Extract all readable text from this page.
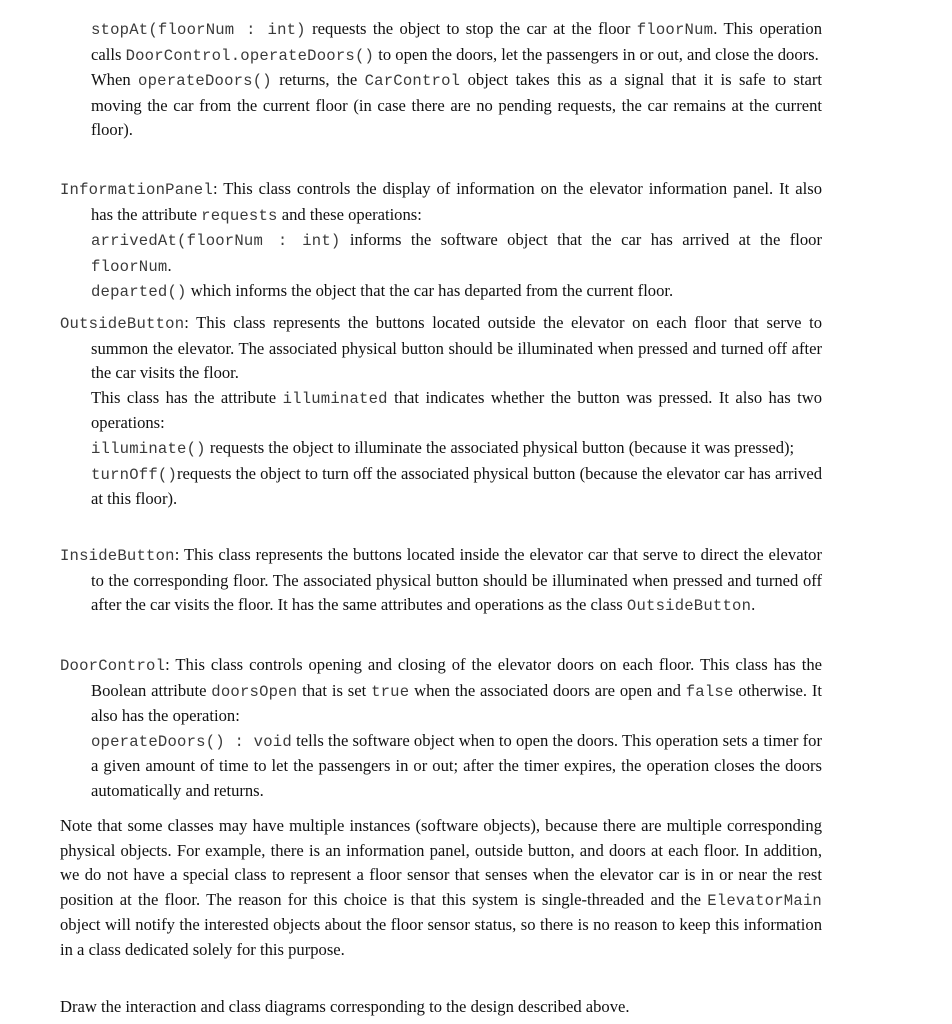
stopAt(floorNum : int) requests the object to stop the car at the floor floorNum. This operation calls DoorControl.operateDoors() to open the doors, let the passengers in or out, and close the doors.

When operateDoors() returns, the CarControl object takes this as a signal that it is safe to start moving the car from the current floor (in case there are no pending requests, the car remains at the current floor).

InformationPanel: This class controls the display of information on the elevator information panel. It also has the attribute requests and these operations:

arrivedAt(floorNum : int) informs the software object that the car has arrived at the floor floorNum.

departed() which informs the object that the car has departed from the current floor.

OutsideButton: This class represents the buttons located outside the elevator on each floor that serve to summon the elevator. The associated physical button should be illuminated when pressed and turned off after the car visits the floor.

This class has the attribute illuminated that indicates whether the button was pressed. It also has two operations:

illuminate() requests the object to illuminate the associated physical button (because it was pressed);

turnOff()requests the object to turn off the associated physical button (because the elevator car has arrived at this floor).

InsideButton: This class represents the buttons located inside the elevator car that serve to direct the elevator to the corresponding floor. The associated physical button should be illuminated when pressed and turned off after the car visits the floor. It has the same attributes and operations as the class OutsideButton.

DoorControl: This class controls opening and closing of the elevator doors on each floor. This class has the Boolean attribute doorsOpen that is set true when the associated doors are open and false otherwise. It also has the operation:

operateDoors() : void tells the software object when to open the doors. This operation sets a timer for a given amount of time to let the passengers in or out; after the timer expires, the operation closes the doors automatically and returns.

Note that some classes may have multiple instances (software objects), because there are multiple corresponding physical objects. For example, there is an information panel, outside button, and doors at each floor. In addition, we do not have a special class to represent a floor sensor that senses when the elevator car is in or near the rest position at the floor. The reason for this choice is that this system is single-threaded and the ElevatorMain object will notify the interested objects about the floor sensor status, so there is no reason to keep this information in a class dedicated solely for this purpose.

Draw the interaction and class diagrams corresponding to the design described above.
